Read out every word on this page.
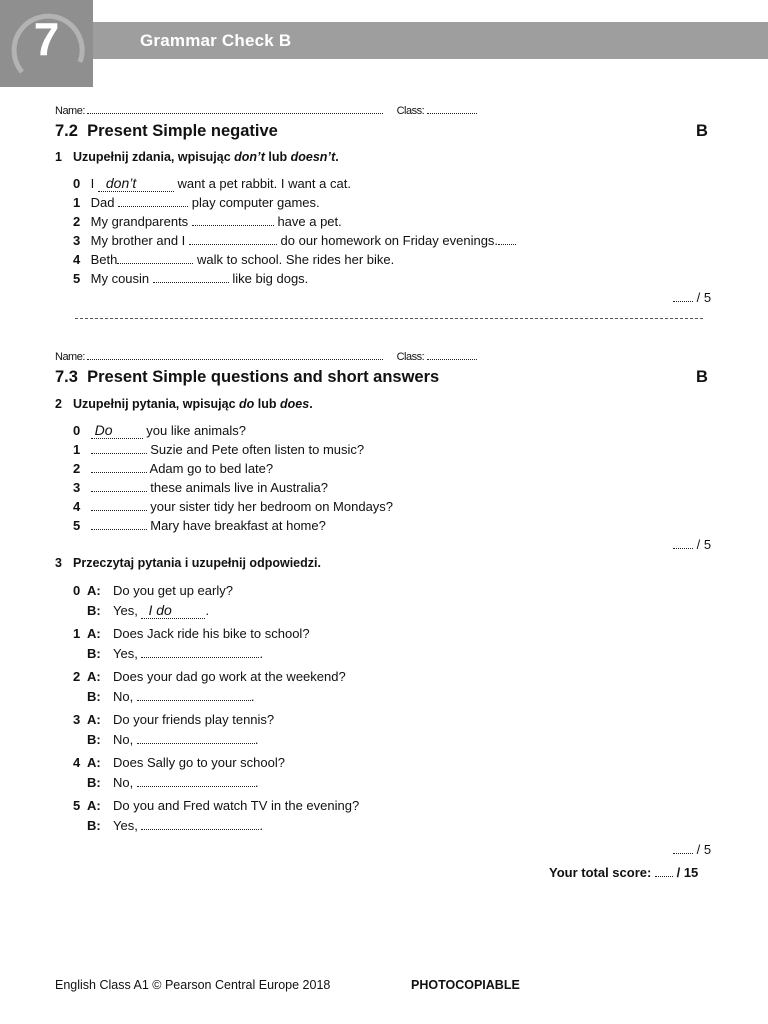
7	Grammar Check B
Name:	Class:
7.2 Present Simple negative	B
1 Uzupełnij zdania, wpisując don’t lub doesn’t.
0 I don’t	want a pet rabbit. I want a cat.
1 Dad	play computer games.
2 My grandparents	have a pet.
3 My brother and I	do our homework on Friday evenings.
4 Beth	walk to school. She rides her bike.
5 My cousin	like big dogs.
/ 5
Name:	Class:
7.3 Present Simple questions and short answers	B
2 Uzupełnij pytania, wpisując do lub does.
0 Do	you like animals?
1	Suzie and Pete often listen to music?
2	Adam go to bed late?
3	these animals live in Australia?
4	your sister tidy her bedroom on Mondays?
5	Mary have breakfast at home?
/ 5
3 Przeczytaj pytania i uzupełnij odpowiedzi.
0 A: Do you get up early?
B: Yes, I do	.
1 A: Does Jack ride his bike to school?
B: Yes,	.
2 A: Does your dad go work at the weekend?
B: No,	.
3 A: Do your friends play tennis?
B: No,	.
4 A: Does Sally go to your school?
B: No,	.
5 A: Do you and Fred watch TV in the evening?
B: Yes,	.
/ 5
Your total score: / 15
English Class A1 © Pearson Central Europe 2018	PHOTOCOPIABLE
